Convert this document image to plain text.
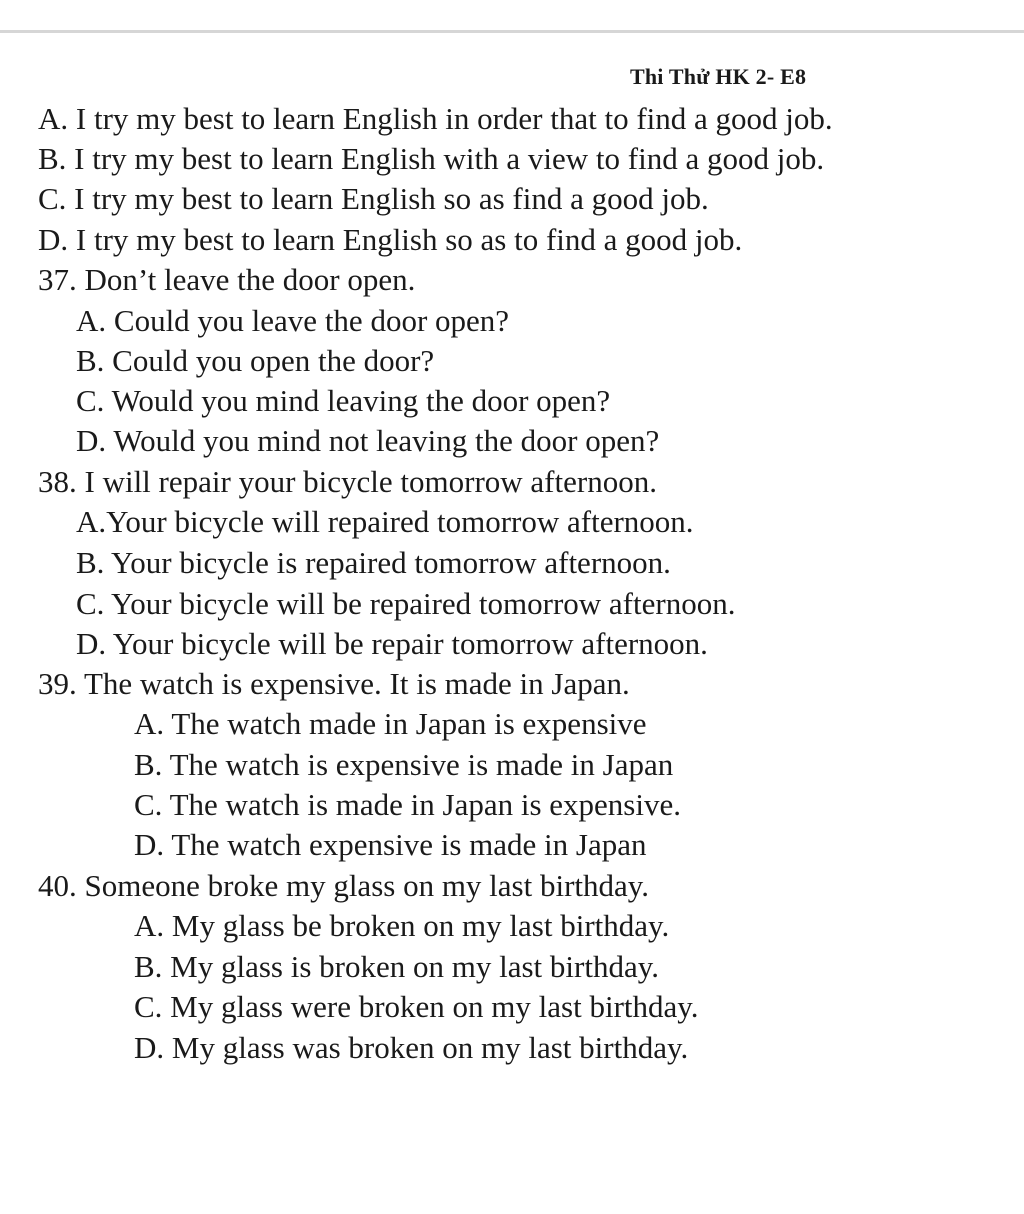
Thi Thử HK 2- E8
A. I try my best to learn English in order that to find a good job.
B. I try my best to learn English with a view to find a good job.
C. I try my best to learn English so as find a good job.
D. I try my best to learn English so as to find a good job.
37. Don’t leave the door open.
A. Could you leave the door open?
B. Could you open the door?
C. Would you mind leaving the door open?
D. Would you mind not leaving the door open?
38. I will repair your bicycle tomorrow afternoon.
A.Your bicycle will repaired tomorrow afternoon.
B. Your bicycle is repaired tomorrow afternoon.
C. Your bicycle will be repaired tomorrow afternoon.
D. Your bicycle will be repair tomorrow afternoon.
39. The watch is expensive. It is made in Japan.
A. The watch made in Japan is expensive
B. The watch is expensive is made in Japan
C. The watch is made in Japan is expensive.
D. The watch expensive is made in Japan
40. Someone broke my glass on my last birthday.
A. My glass be broken on my last birthday.
B. My glass is broken on my last birthday.
C. My glass were broken on my last birthday.
D. My glass was broken on my last birthday.
